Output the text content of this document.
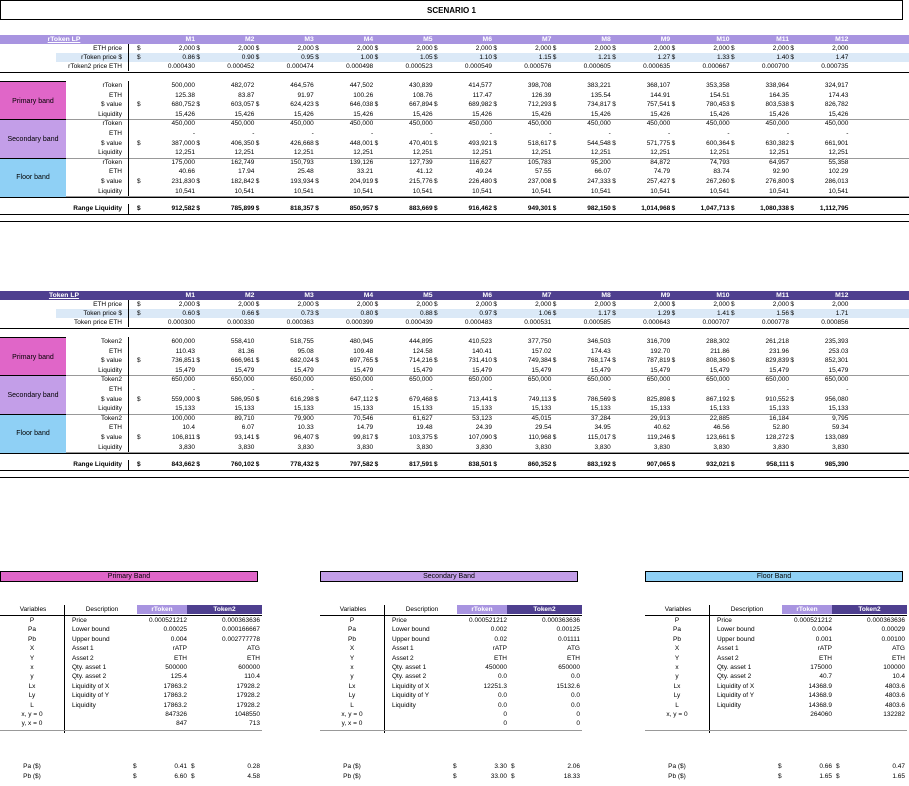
SCENARIO 1
rToken LP	M1	M2	M3	M4	M5	M6	M7	M8	M9	M10	M11	M12
ETH price $	2,000 $	2,000 $	2,000 $	2,000 $	2,000 $	2,000 $	2,000 $	2,000 $	2,000 $	2,000 $	2,000 $	2,000
rToken price $ $	0.86 $	0.90 $	0.95 $	1.00 $	1.05 $	1.10 $	1.15 $	1.21 $	1.27 $	1.33 $	1.40 $	1.47
rToken2 price ETH	0.000430	0.000452	0.000474	0.000498	0.000523	0.000549	0.000576	0.000605	0.000635	0.000667	0.000700	0.000735
Primary band
rToken	500,000	482,072	464,576	447,502	430,839	414,577	398,708	383,221	368,107	353,358	338,964	324,917
ETH	125.38	83.87	91.97	100.26	108.76	117.47	126.39	135.54	144.91	154.51	164.35	174.43
$ value $	680,752 $	603,057 $	624,423 $	646,038 $	667,894 $	689,982 $	712,293 $	734,817 $	757,541 $	780,453 $	803,538 $	826,782
Liquidity	15,426	15,426	15,426	15,426	15,426	15,426	15,426	15,426	15,426	15,426	15,426	15,426
Secondary band
rToken	450,000	450,000	450,000	450,000	450,000	450,000	450,000	450,000	450,000	450,000	450,000	450,000
ETH	-	-	-	-	-	-	-	-	-	-	-	-
$ value $	387,000 $	406,350 $	426,668 $	448,001 $	470,401 $	493,921 $	518,617 $	544,548 $	571,775 $	600,364 $	630,382 $	661,901
Liquidity	12,251	12,251	12,251	12,251	12,251	12,251	12,251	12,251	12,251	12,251	12,251	12,251
Floor band
rToken	175,000	162,749	150,793	139,126	127,739	116,627	105,783	95,200	84,872	74,793	64,957	55,358
ETH	40.66	17.94	25.48	33.21	41.12	49.24	57.55	66.07	74.79	83.74	92.90	102.29
$ value $	231,830 $	182,842 $	193,934 $	204,919 $	215,776 $	226,480 $	237,008 $	247,333 $	257,427 $	267,260 $	276,800 $	286,013
Liquidity	10,541	10,541	10,541	10,541	10,541	10,541	10,541	10,541	10,541	10,541	10,541	10,541
Range Liquidity $	912,582 $	785,899 $	818,357 $	850,957 $	883,669 $	916,462 $	949,301 $	982,150 $	1,014,968 $	1,047,713 $	1,080,338 $	1,112,795
Token LP	M1	M2	M3	M4	M5	M6	M7	M8	M9	M10	M11	M12
ETH price $	2,000 $	2,000 $	2,000 $	2,000 $	2,000 $	2,000 $	2,000 $	2,000 $	2,000 $	2,000 $	2,000 $	2,000
Token price $ $	0.60 $	0.66 $	0.73 $	0.80 $	0.88 $	0.97 $	1.06 $	1.17 $	1.29 $	1.41 $	1.56 $	1.71
Token price ETH	0.000300	0.000330	0.000363	0.000399	0.000439	0.000483	0.000531	0.000585	0.000643	0.000707	0.000778	0.000856
Primary band
Token2	600,000	558,410	518,755	480,945	444,895	410,523	377,750	346,503	316,709	288,302	261,218	235,393
ETH	110.43	81.36	95.08	109.48	124.58	140.41	157.02	174.43	192.70	211.86	231.96	253.03
$ value $	736,851 $	666,961 $	682,024 $	697,765 $	714,216 $	731,410 $	749,384 $	768,174 $	787,819 $	808,360 $	829,839 $	852,301
Liquidity	15,479	15,479	15,479	15,479	15,479	15,479	15,479	15,479	15,479	15,479	15,479	15,479
Secondary band
Token2	650,000	650,000	650,000	650,000	650,000	650,000	650,000	650,000	650,000	650,000	650,000	650,000
ETH	-	-	-	-	-	-	-	-	-	-	-	-
$ value $	559,000 $	586,950 $	616,298 $	647,112 $	679,468 $	713,441 $	749,113 $	786,569 $	825,898 $	867,192 $	910,552 $	956,080
Liquidity	15,133	15,133	15,133	15,133	15,133	15,133	15,133	15,133	15,133	15,133	15,133	15,133
Floor band
Token2	100,000	89,710	79,900	70,546	61,627	53,123	45,015	37,284	29,913	22,885	16,184	9,795
ETH	10.4	6.07	10.33	14.79	19.48	24.39	29.54	34.95	40.62	46.56	52.80	59.34
$ value $	106,811 $	93,141 $	96,407 $	99,817 $	103,375 $	107,090 $	110,968 $	115,017 $	119,246 $	123,661 $	128,272 $	133,089
Liquidity	3,830	3,830	3,830	3,830	3,830	3,830	3,830	3,830	3,830	3,830	3,830	3,830
Range Liquidity $	843,662 $	760,102 $	778,432 $	797,582 $	817,591 $	838,501 $	860,352 $	883,192 $	907,065 $	932,021 $	958,111 $	985,390
Primary Band
Variables	Description	rToken	Token2
P	Price	0.000521212	0.000363636
Pa	Lower bound	0.00025	0.000166667
Pb	Upper bound	0.004	0.002777778
X	Asset 1	rATP	ATG
Y	Asset 2	ETH	ETH
x	Qty. asset 1	500000	600000
y	Qty. asset 2	125.4	110.4
Lx	Liquidity of X	17863.2	17928.2
Ly	Liquidity of Y	17863.2	17928.2
L	Liquidity	17863.2	17928.2
x, y = 0	847326	1048550
y, x = 0	847	713
Pa ($)	$	0.41 $	0.28
Pb ($)	$	6.60 $	4.58
Secondary Band
Variables	Description	rToken	Token2
P	Price	0.000521212	0.000363636
Pa	Lower bound	0.002	0.00125
Pb	Upper bound	0.02	0.01111
X	Asset 1	rATP	ATG
Y	Asset 2	ETH	ETH
x	Qty. asset 1	450000	650000
y	Qty. asset 2	0.0	0.0
Lx	Liquidity of X	12251.3	15132.6
Ly	Liquidity of Y	0.0	0.0
L	Liquidity	0.0	0.0
x, y = 0	0	0
y, x = 0	0	0
Pa ($)	$	3.30 $	2.06
Pb ($)	$	33.00 $	18.33
Floor Band
Variables	Description	rToken	Token2
P	Price	0.000521212	0.000363636
Pa	Lower bound	0.0004	0.00029
Pb	Upper bound	0.001	0.00100
X	Asset 1	rATP	ATG
Y	Asset 2	ETH	ETH
x	Qty. asset 1	175000	100000
y	Qty. asset 2	40.7	10.4
Lx	Liquidity of X	14368.9	4803.6
Ly	Liquidity of Y	14368.9	4803.6
L	Liquidity	14368.9	4803.6
x, y = 0	264060	132282
Pa ($)	$	0.66 $	0.47
Pb ($)	$	1.65 $	1.65
